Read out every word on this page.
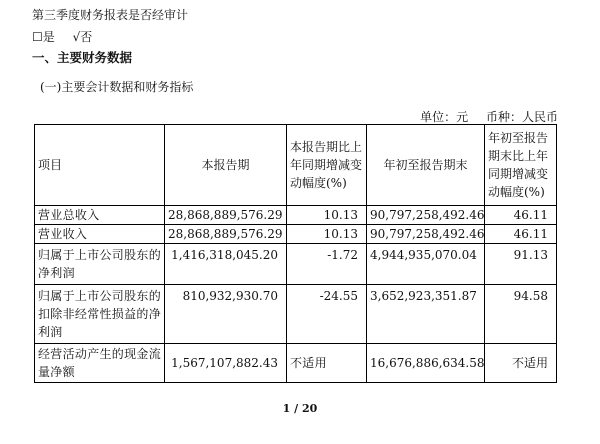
第三季度财务报表是否经审计
☐是 √否
一、主要财务数据
(一)主要会计数据和财务指标
单位：元 币种：人民币
项目	本报告期	本报告期比上年同期增减变动幅度(%)	年初至报告期末	年初至报告期末比上年同期增减变动幅度(%)
营业总收入	28,868,889,576.29	10.13	90,797,258,492.46	46.11
营业收入	28,868,889,576.29	10.13	90,797,258,492.46	46.11
归属于上市公司股东的净利润	1,416,318,045.20	-1.72	4,944,935,070.04	91.13
归属于上市公司股东的扣除非经常性损益的净利润	810,932,930.70	-24.55	3,652,923,351.87	94.58
经营活动产生的现金流量净额	1,567,107,882.43	不适用	16,676,886,634.58	不适用
1 / 20
